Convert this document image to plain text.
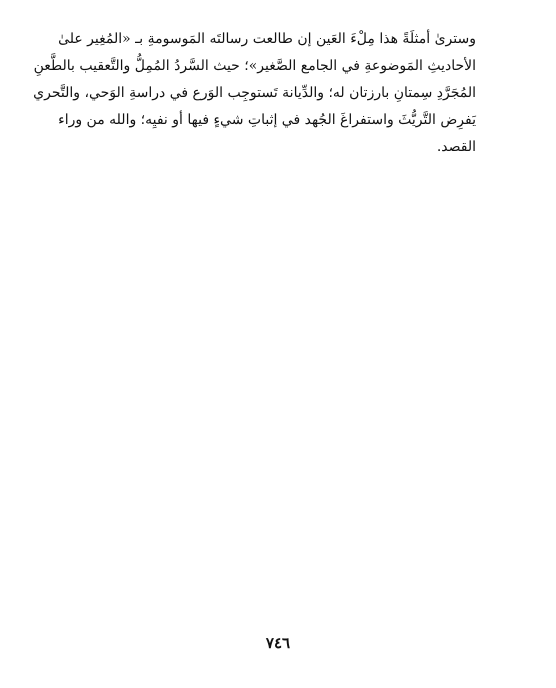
وسترىٰ أمثلَةً هذا مِلْءَ العَين إن طالعت رسالتَه المَوسومةِ بـ «المُغِير علىٰ
الأحاديثِ المَوضوعةِ في الجامع الصَّغير»؛ حيث السَّردُ المُمِلُّ والتَّعقيب بالطَّعنِ
المُجَرَّدِ سِمتانِ بارزتان له؛ والدِّيانة تَستوجِب الوَرع في دراسةِ الوَحي، والتَّحري
يَفرِض التَّريُّثَ واستفراغَ الجُهد في إثباتِ شيءٍ فيها أو نفيِه؛ والله من وراء
القصد.
٧٤٦
